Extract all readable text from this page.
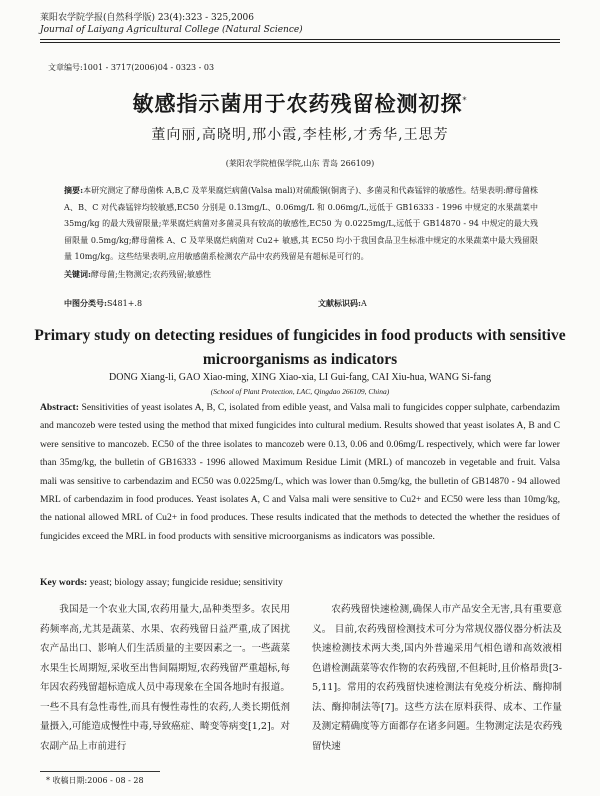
莱阳农学院学报(自然科学版) 23(4):323 - 325,2006
Journal of Laiyang Agricultural College (Natural Science)
文章编号:1001 - 3717(2006)04 - 0323 - 03
敏感指示菌用于农药残留检测初探*
董向丽,高晓明,邢小霞,李桂彬,才秀华,王思芳
(莱阳农学院植保学院,山东 青岛 266109)
摘要:本研究测定了酵母菌株 A,B,C 及苹果腐烂病菌(Valsa mali)对硫酸铜(铜离子)、多菌灵和代森锰锌的敏感性。结果表明:酵母菌株 A、B、C 对代森锰锌均较敏感,EC50 分别是 0.13mg/L、0.06mg/L 和 0.06mg/L,远低于 GB16333 - 1996 中规定的水果蔬菜中 35mg/kg 的最大残留限量;苹果腐烂病菌对多菌灵具有较高的敏感性,EC50 为 0.0225mg/L,远低于 GB14870 - 94 中规定的最大残留限量 0.5mg/kg;酵母菌株 A、C 及苹果腐烂病菌对 Cu2+ 敏感,其 EC50 均小于我国食品卫生标准中规定的水果蔬菜中最大残留限量 10mg/kg。这些结果表明,应用敏感菌系检测农产品中农药残留是有超标是可行的。
关键词:酵母菌;生物测定;农药残留;敏感性
中图分类号:S481+.8	文献标识码:A
Primary study on detecting residues of fungicides in food products with sensitive microorganisms as indicators
DONG Xiang-li, GAO Xiao-ming, XING Xiao-xia, LI Gui-fang, CAI Xiu-hua, WANG Si-fang
(School of Plant Protection, LAC, Qingdao 266109, China)
Abstract: Sensitivities of yeast isolates A, B, C, isolated from edible yeast, and Valsa mali to fungicides copper sulphate, carbendazim and mancozeb were tested using the method that mixed fungicides into cultural medium. Results showed that yeast isolates A, B and C were sensitive to mancozeb. EC50 of the three isolates to mancozeb were 0.13, 0.06 and 0.06mg/L respectively, which were far lower than 35mg/kg, the bulletin of GB16333 - 1996 allowed Maximum Residue Limit (MRL) of mancozeb in vegetable and fruit. Valsa mali was sensitive to carbendazim and EC50 was 0.0225mg/L, which was lower than 0.5mg/kg, the bulletin of GB14870 - 94 allowed MRL of carbendazim in food produces. Yeast isolates A, C and Valsa mali were sensitive to Cu2+ and EC50 were less than 10mg/kg, the national allowed MRL of Cu2+ in food produces. These results indicated that the methods to detected the whether the residues of fungicides exceed the MRL in food products with sensitive microorganisms as indicators was possible.
Key words: yeast; biology assay; fungicide residue; sensitivity
我国是一个农业大国,农药用量大,品种类型多。农民用药频率高,尤其是蔬菜、水果、农药残留日益严重,成了困扰农产品出口、影响人们生活质量的主要因素之一。一些蔬菜水果生长周期短,采收至出售间隔期短,农药残留严重超标,每年因农药残留超标造成人员中毒现象在全国各地时有报道。一些不具有急性毒性,而具有慢性毒性的农药,人类长期低剂量摄入,可能造成慢性中毒,导致癌症、畸变等病变[1,2]。对农副产品上市前进行
农药残留快速检测,确保人市产品安全无害,具有重要意义。 目前,农药残留检测技术可分为常规仪器仪器分析法及快速检测技术两大类,国内外普遍采用气相色谱和高效液相色谱检测蔬菜等农作物的农药残留,不但耗时,且价格昂贵[3-5,11]。常用的农药残留快速检测法有免疫分析法、酶抑制法、酶抑制法等[7]。这些方法在原料获得、成本、工作量及测定精确度等方面都存在诸多问题。生物测定法是农药残留快速
* 收稿日期:2006 - 08 - 28
